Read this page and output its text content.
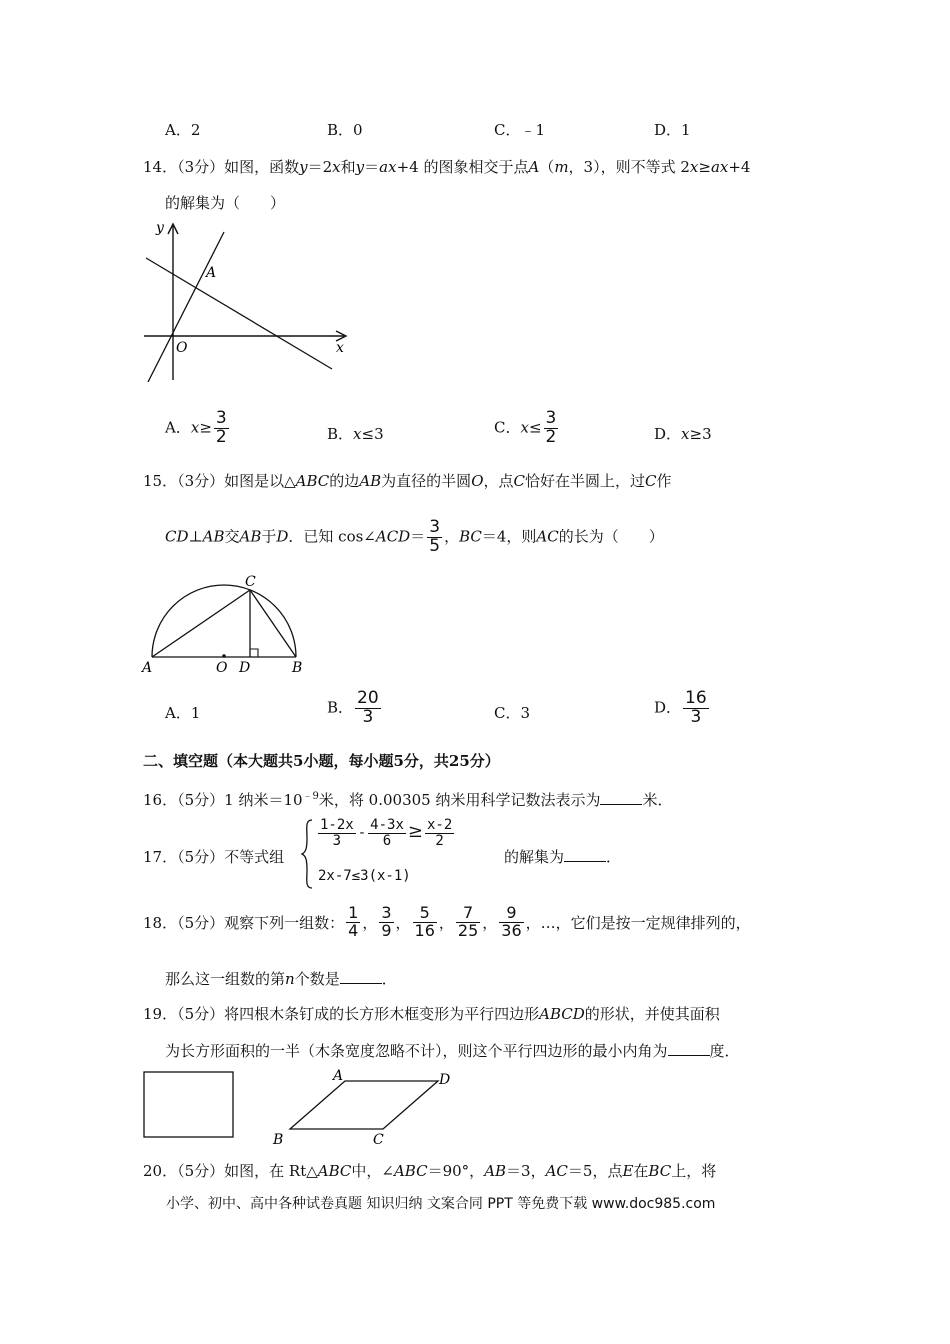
A．2	B．0	C．﹣1	D．1
14．（3分）如图，函数y＝2x和y＝ax+4 的图象相交于点A（m，3），则不等式 2x≥ax+4
的解集为（　　）
y
A
O	x
A．$x\ge \frac{3}{2}$	B．x≤3	C．$x\le \frac{3}{2}$	D．x≥3
15．（3分）如图是以△ABC的边AB为直径的半圆O，点C恰好在半圆上，过C作
CD⊥AB交AB于D．已知 cos∠ACD＝ $\frac{3}{5}$ ，BC＝4，则AC的长为（　　）
C
A	O D	B
A．1	B． $\frac{20}{3}$	C．3	D． $\frac{16}{3}$
二、填空题（本大题共5小题，每小题5分，共25分）
16．（5分）1 纳米$=10^{﹣9}$米，将 0.00305 纳米用科学记数法表示为	米．
17．（5分）不等式组
$\frac{1-2x}{3} - \frac{4-3x}{6} \ge \frac{x-2}{2}$
2x-7≤3(x-1)
的解集为	．
18．（5分）观察下列一组数： $\frac{1}{4}$ ， $\frac{3}{9}$ ， $\frac{5}{16}$ ， $\frac{7}{25}$ ， $\frac{9}{36}$ ，…，它们是按一定规律排列的，
那么这一组数的第n个数是	．
19．（5分）将四根木条钉成的长方形木框变形为平行四边形ABCD的形状，并使其面积
为长方形面积的一半（木条宽度忽略不计），则这个平行四边形的最小内角为	度．
A	D
B	C
20．（5分）如图，在 Rt△ABC中，∠ABC＝90°，AB＝3，AC＝5，点E在BC上，将
小学、初中、高中各种试卷真题 知识归纳 文案合同 PPT 等免费下载 www.doc985.com
